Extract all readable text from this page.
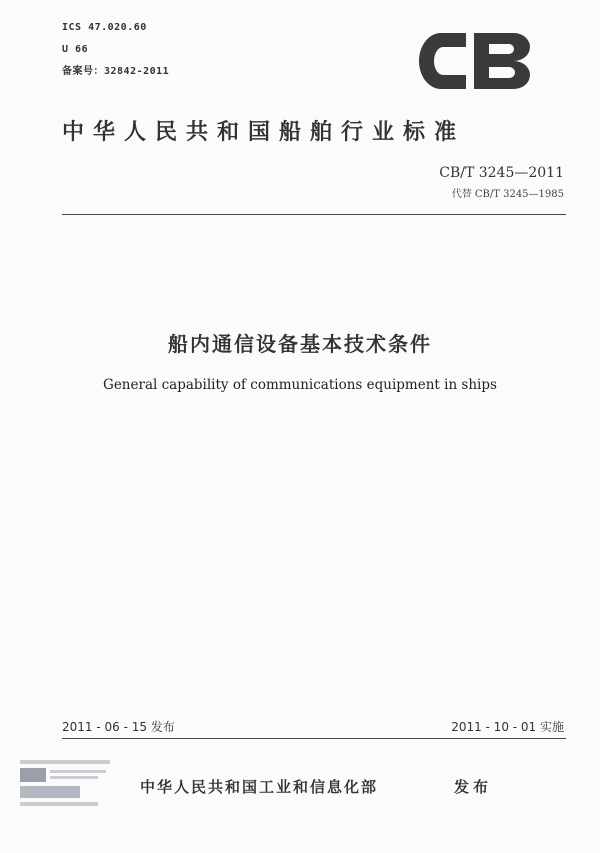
ICS 47.020.60
U 66
备案号：32842-2011
中华人民共和国船舶行业标准
CB/T 3245—2011
代替 CB/T 3245—1985
船内通信设备基本技术条件
General capability of communications equipment in ships
2011 - 06 - 15 发布	2011 - 10 - 01 实施
中华人民共和国工业和信息化部	发布
